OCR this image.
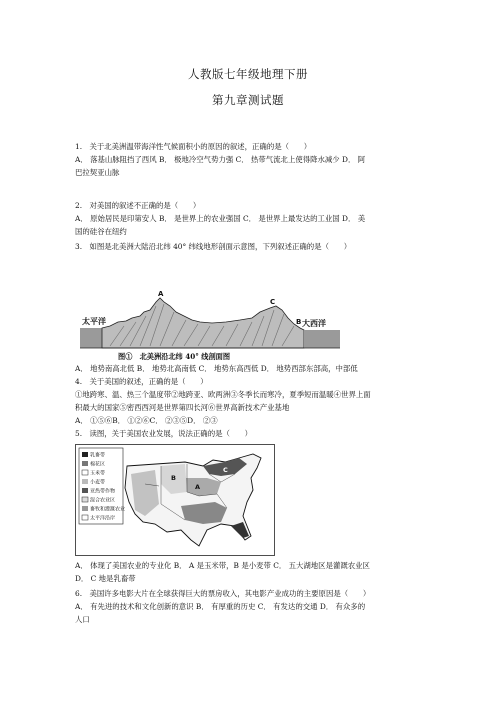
人教版七年级地理下册
第九章测试题
1.　关于北美洲温带海洋性气候面积小的原因的叙述，正确的是（　　）
A． 落基山脉阻挡了西风 B． 极地冷空气势力强 C． 热带气流北上使得降水减少 D． 阿
巴拉契亚山脉
2.　对美国的叙述不正确的是（　　）
A． 原始居民是印第安人 B． 是世界上的农业强国 C． 是世界上最发达的工业国 D． 美
国的硅谷在纽约
3.　如图是北美洲大陆沿北纬 40° 纬线地形剖面示意图，下列叙述正确的是（　　）
太平洋	大西洋
A
C
B
图①　北美洲沿北纬 40° 线剖面图
A． 地势南高北低 B． 地势北高南低 C． 地势东高西低 D． 地势西部东部高，中部低
4.　关于美国的叙述，正确的是（　　）
①地跨寒、温、热三个温度带②地跨亚、欧两洲③冬季长而寒冷，夏季短而温暖④世界上面
积最大的国家⑤密西西河是世界第四长河⑥世界高新技术产业基地
A． ①⑤⑥B． ①②⑥C． ②③⑤D． ②③
5.　读图，关于美国农业发展，说法正确的是（　　）
乳畜带
棉花区
玉米带
小麦带
亚热带作物
混合农业区
畜牧和灌溉农业
太平洋沿岸
A
B
C
A． 体现了美国农业的专业化 B． A 是玉米带，B 是小麦带 C． 五大湖地区是灌溉农业区
D． C 地是乳畜带
6.　美国许多电影大片在全球获得巨大的票房收入，其电影产业成功的主要原因是（　　）
A． 有先进的技术和文化创新的意识 B． 有厚重的历史 C． 有发达的交通 D． 有众多的
人口
